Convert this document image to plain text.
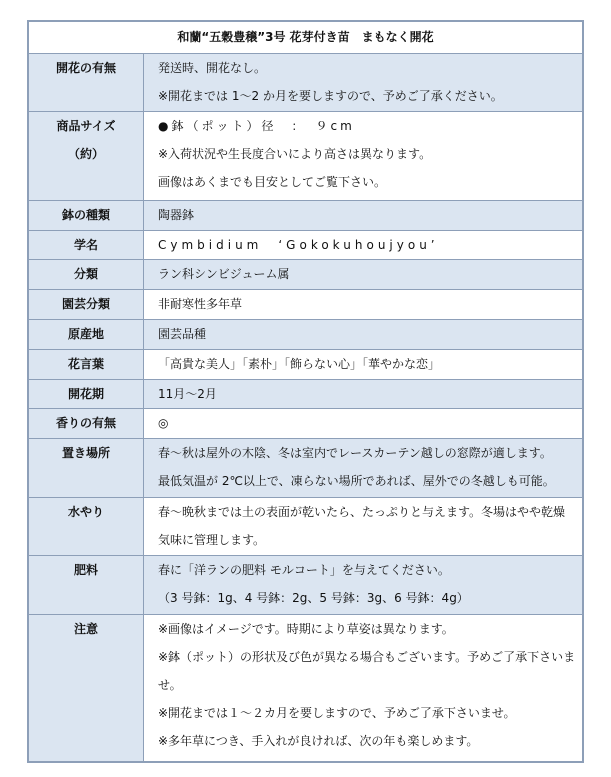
和蘭“五穀豊穣”3号 花芽付き苗　まもなく開花	

開花の有無	発送時、開花なし。
※開花までは 1～2 か月を要しますので、予めご了承ください。

商品サイズ
（約）	●鉢（ポット）径　：　９cm
※入荷状況や生長度合いにより高さは異なります。
画像はあくまでも目安としてご覧下さい。

鉢の種類	陶器鉢

学名	Cymbidium　‘Gokokuhoujyou’

分類	ラン科シンビジューム属

園芸分類	非耐寒性多年草

原産地	園芸品種

花言葉	「高貴な美人」「素朴」「飾らない心」「華やかな恋」

開花期	11月～2月

香りの有無	◎

置き場所	春～秋は屋外の木陰、冬は室内でレースカーテン越しの窓際が適します。
最低気温が 2℃以上で、凍らない場所であれば、屋外での冬越しも可能。

水やり	春～晩秋までは土の表面が乾いたら、たっぷりと与えます。冬場はやや乾燥気味に管理します。

肥料	春に「洋ランの肥料 モルコート」を与えてください。
（3 号鉢：1g、4 号鉢：2g、5 号鉢：3g、6 号鉢：4g）

注意	※画像はイメージです。時期により草姿は異なります。
※鉢（ポット）の形状及び色が異なる場合もございます。予めご了承下さいませ。
※開花までは１～２カ月を要しますので、予めご了承下さいませ。
※多年草につき、手入れが良ければ、次の年も楽しめます。
